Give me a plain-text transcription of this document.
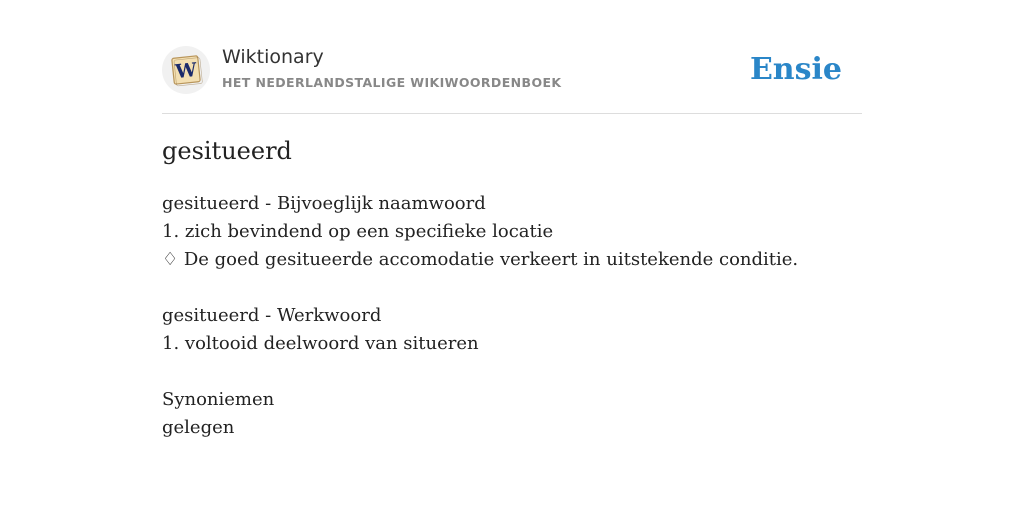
W
Wiktionary
HET NEDERLANDSTALIGE WIKIWOORDENBOEK	Ensie
gesitueerd
gesitueerd - Bijvoeglijk naamwoord
1. zich bevindend op een specifieke locatie
♢ De goed gesitueerde accomodatie verkeert in uitstekende conditie.
gesitueerd - Werkwoord
1. voltooid deelwoord van situeren
Synoniemen
gelegen
